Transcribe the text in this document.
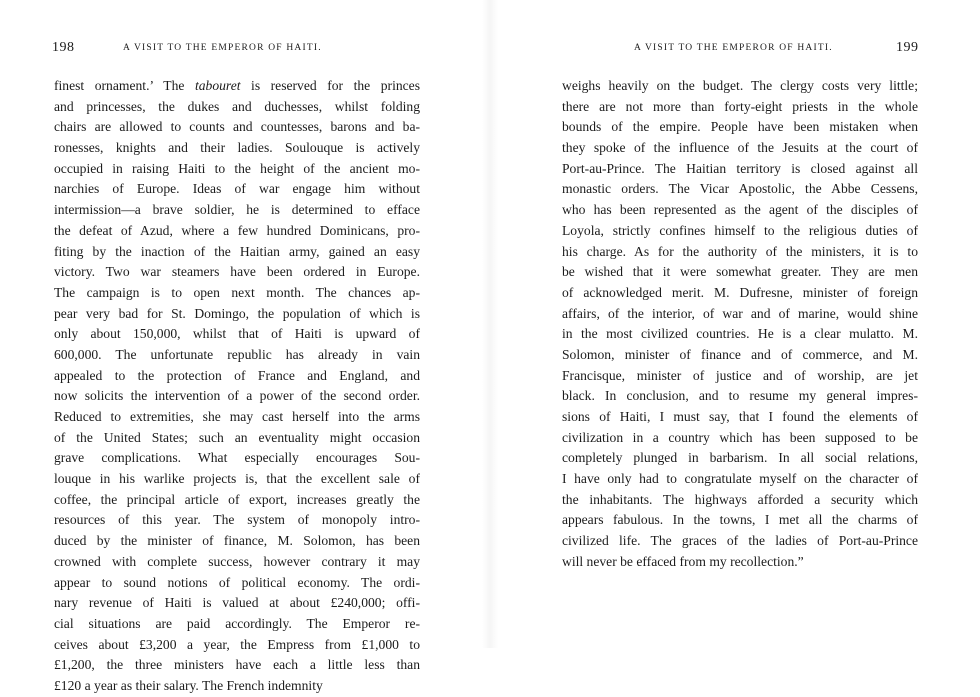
198	A VISIT TO THE EMPEROR OF HAITI.
finest ornament.’ The tabouret is reserved for the princes
and princesses, the dukes and duchesses, whilst folding
chairs are allowed to counts and countesses, barons and ba-
ronesses, knights and their ladies. Soulouque is actively
occupied in raising Haiti to the height of the ancient mo-
narchies of Europe. Ideas of war engage him without
intermission—a brave soldier, he is determined to efface
the defeat of Azud, where a few hundred Dominicans, pro-
fiting by the inaction of the Haitian army, gained an easy
victory. Two war steamers have been ordered in Europe.
The campaign is to open next month. The chances ap-
pear very bad for St. Domingo, the population of which is
only about 150,000, whilst that of Haiti is upward of
600,000. The unfortunate republic has already in vain
appealed to the protection of France and England, and
now solicits the intervention of a power of the second order.
Reduced to extremities, she may cast herself into the arms
of the United States; such an eventuality might occasion
grave complications. What especially encourages Sou-
louque in his warlike projects is, that the excellent sale of
coffee, the principal article of export, increases greatly the
resources of this year. The system of monopoly intro-
duced by the minister of finance, M. Solomon, has been
crowned with complete success, however contrary it may
appear to sound notions of political economy. The ordi-
nary revenue of Haiti is valued at about £240,000; offi-
cial situations are paid accordingly. The Emperor re-
ceives about £3,200 a year, the Empress from £1,000 to
£1,200, the three ministers have each a little less than
£120 a year as their salary. The French indemnity
A VISIT TO THE EMPEROR OF HAITI.	199
weighs heavily on the budget. The clergy costs very little;
there are not more than forty-eight priests in the whole
bounds of the empire. People have been mistaken when
they spoke of the influence of the Jesuits at the court of
Port-au-Prince. The Haitian territory is closed against all
monastic orders. The Vicar Apostolic, the Abbe Cessens,
who has been represented as the agent of the disciples of
Loyola, strictly confines himself to the religious duties of
his charge. As for the authority of the ministers, it is to
be wished that it were somewhat greater. They are men
of acknowledged merit. M. Dufresne, minister of foreign
affairs, of the interior, of war and of marine, would shine
in the most civilized countries. He is a clear mulatto. M.
Solomon, minister of finance and of commerce, and M.
Francisque, minister of justice and of worship, are jet
black. In conclusion, and to resume my general impres-
sions of Haiti, I must say, that I found the elements of
civilization in a country which has been supposed to be
completely plunged in barbarism. In all social relations,
I have only had to congratulate myself on the character of
the inhabitants. The highways afforded a security which
appears fabulous. In the towns, I met all the charms of
civilized life. The graces of the ladies of Port-au-Prince
will never be effaced from my recollection.”
